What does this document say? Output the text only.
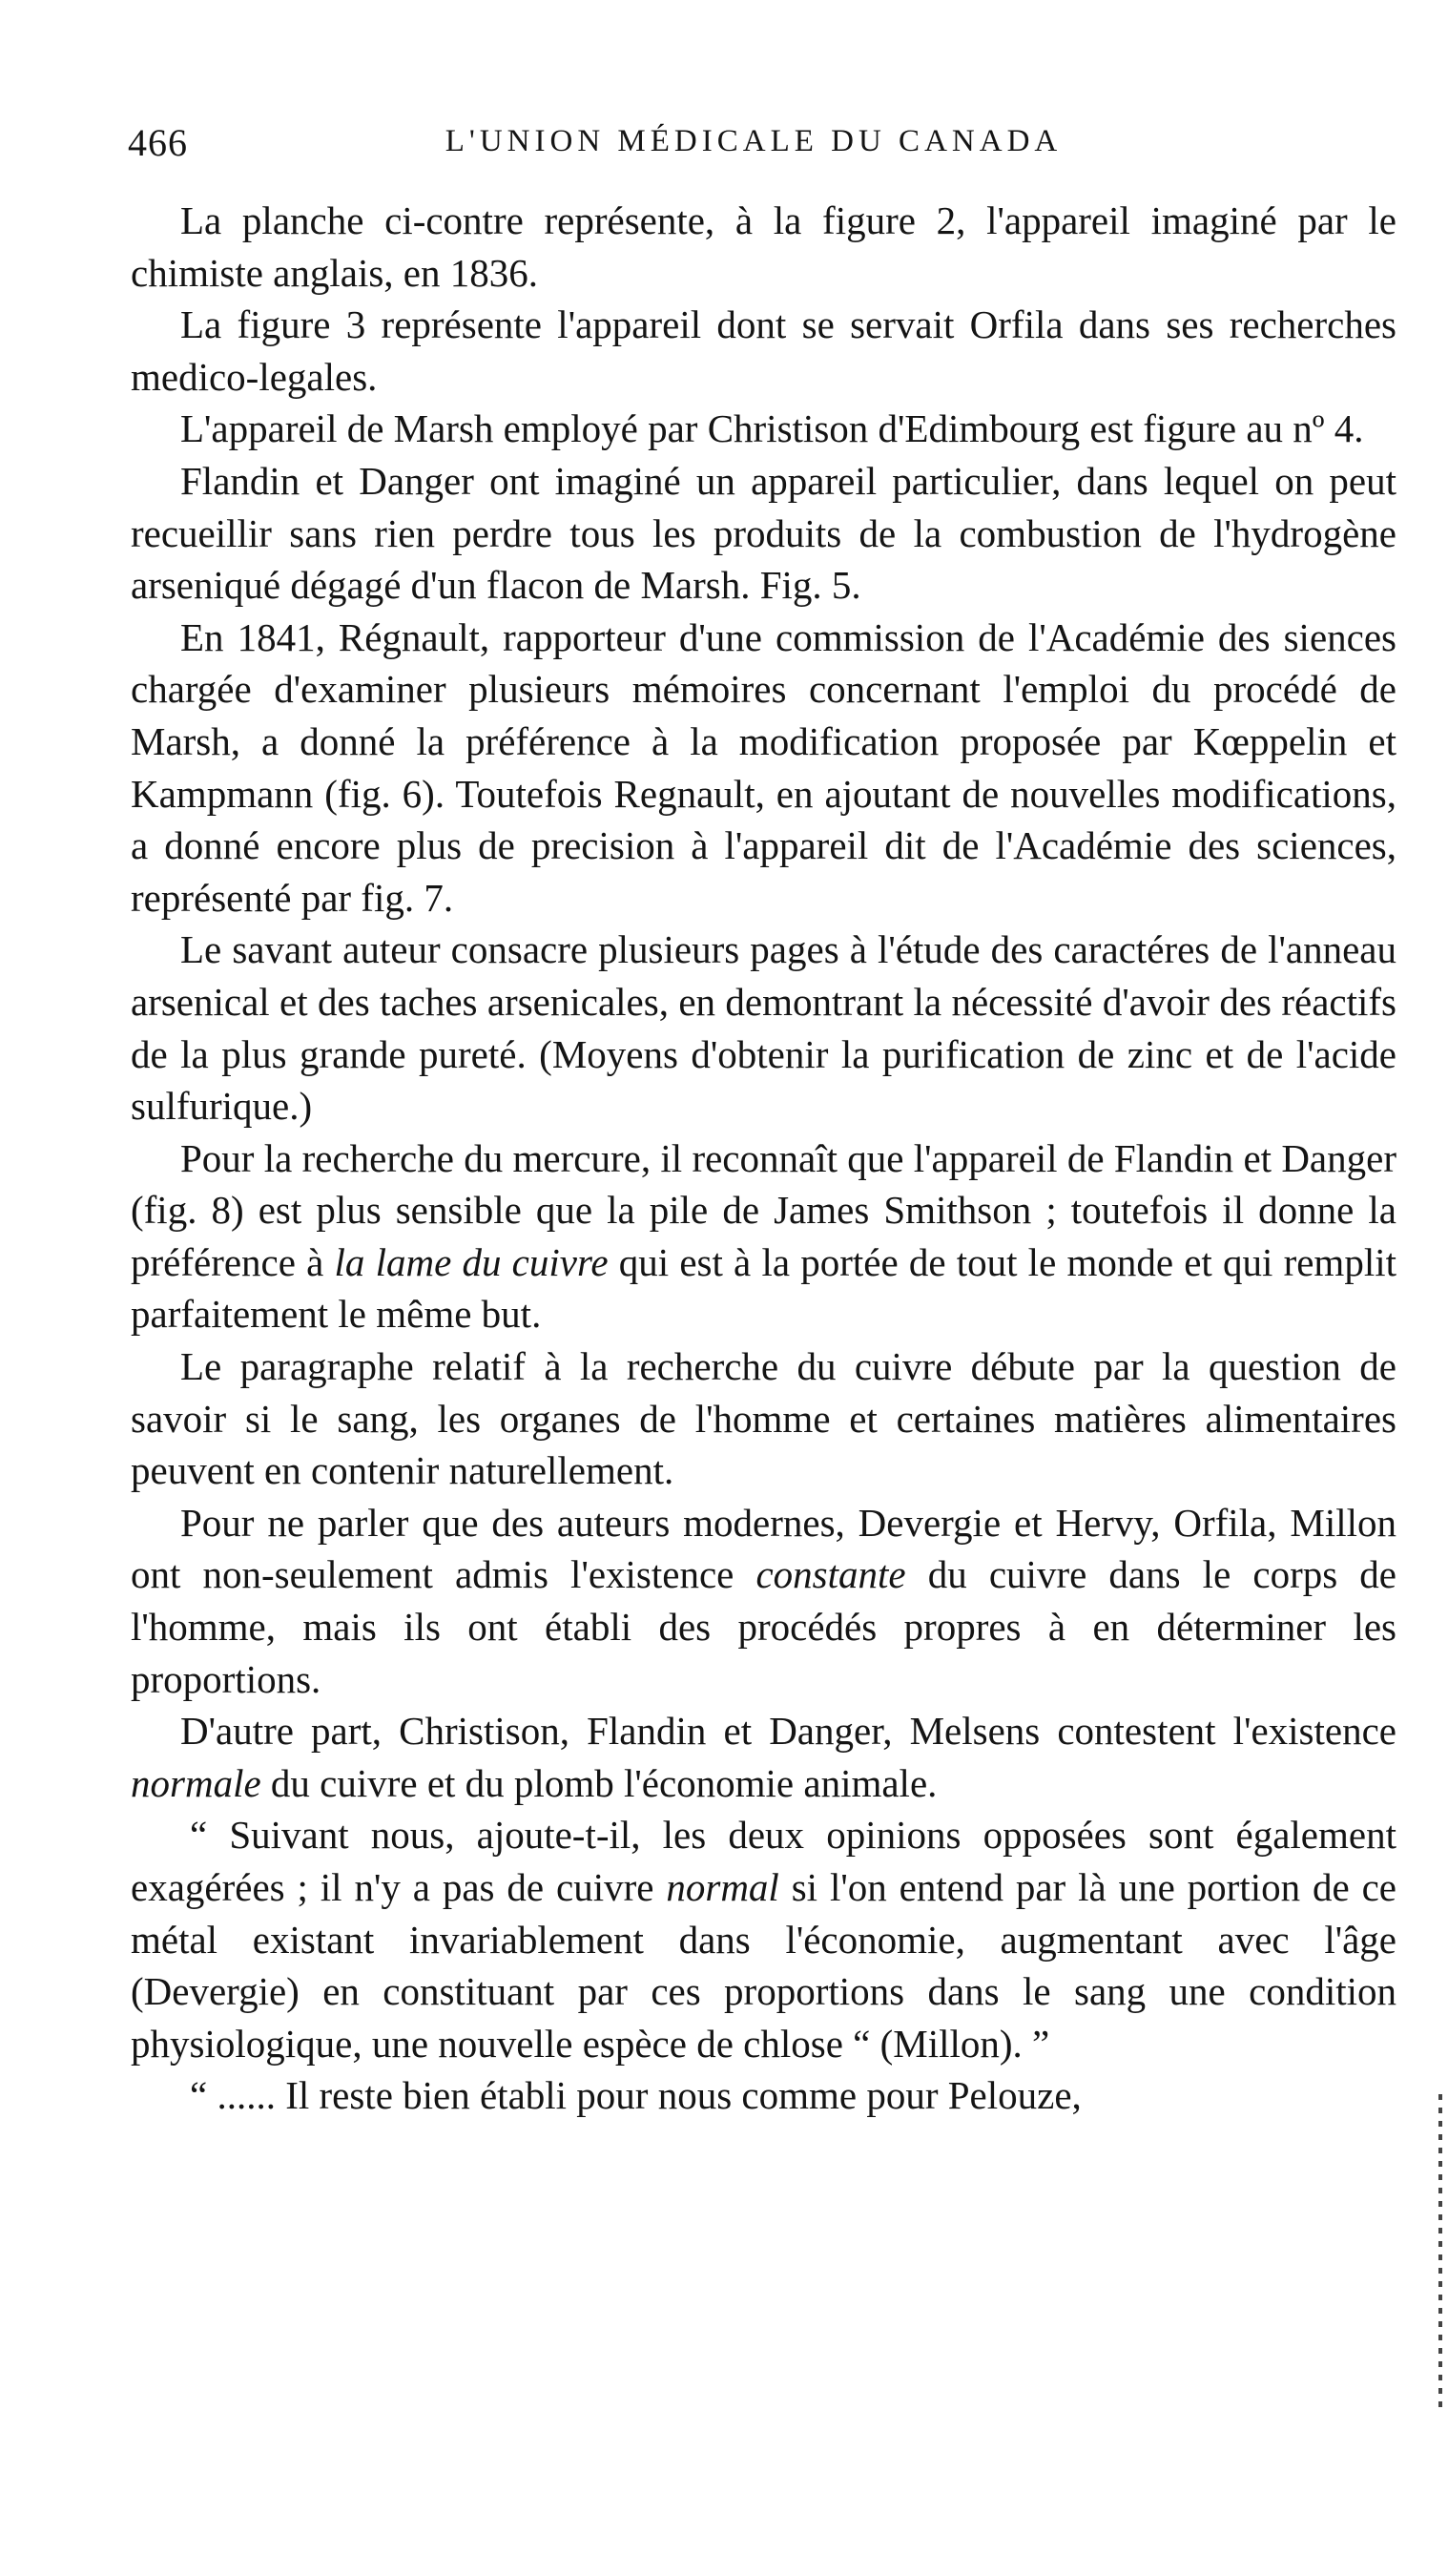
466	L'UNION MÉDICALE DU CANADA

La planche ci-contre représente, à la figure 2, l'appareil imaginé par le chimiste anglais, en 1836.

La figure 3 représente l'appareil dont se servait Orfila dans ses recherches medico-legales.

L'appareil de Marsh employé par Christison d'Edimbourg est figure au nº 4.

Flandin et Danger ont imaginé un appareil particulier, dans lequel on peut recueillir sans rien perdre tous les produits de la combustion de l'hydrogène arseniqué dégagé d'un flacon de Marsh. Fig. 5.

En 1841, Régnault, rapporteur d'une commission de l'Académie des siences chargée d'examiner plusieurs mémoires concernant l'emploi du procédé de Marsh, a donné la préférence à la modification proposée par Kœppelin et Kampmann (fig. 6). Toutefois Regnault, en ajoutant de nouvelles modifications, a donné encore plus de precision à l'appareil dit de l'Académie des sciences, représenté par fig. 7.

Le savant auteur consacre plusieurs pages à l'étude des caractéres de l'anneau arsenical et des taches arsenicales, en demontrant la nécessité d'avoir des réactifs de la plus grande pureté. (Moyens d'obtenir la purification de zinc et de l'acide sulfurique.)

Pour la recherche du mercure, il reconnaît que l'appareil de Flandin et Danger (fig. 8) est plus sensible que la pile de James Smithson ; toutefois il donne la préférence à la lame du cuivre qui est à la portée de tout le monde et qui remplit parfaitement le même but.

Le paragraphe relatif à la recherche du cuivre débute par la question de savoir si le sang, les organes de l'homme et certaines matières alimentaires peuvent en contenir naturellement.

Pour ne parler que des auteurs modernes, Devergie et Hervy, Orfila, Millon ont non-seulement admis l'existence constante du cuivre dans le corps de l'homme, mais ils ont établi des procédés propres à en déterminer les proportions.

D'autre part, Christison, Flandin et Danger, Melsens contestent l'existence normale du cuivre et du plomb l'économie animale.

“ Suivant nous, ajoute-t-il, les deux opinions opposées sont également exagérées ; il n'y a pas de cuivre normal si l'on entend par là une portion de ce métal existant invariablement dans l'économie, augmentant avec l'âge (Devergie) en constituant par ces proportions dans le sang une condition physiologique, une nouvelle espèce de chlose “ (Millon). ”

“ ...... Il reste bien établi pour nous comme pour Pelouze,
